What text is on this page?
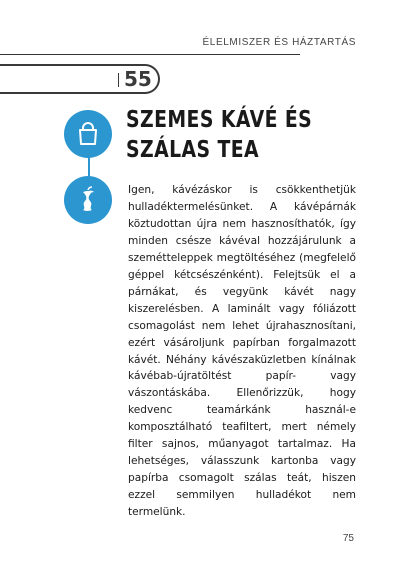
ÉLELMISZER ÉS HÁZTARTÁS
55
SZEMES KÁVÉ ÉS
SZÁLAS TEA
Igen, kávézáskor is csökkenthetjük hulladéktermelésünket. A kávépárnák köztudottan újra nem hasznosíthatók, így minden csésze kávéval hozzájárulunk a szemétteleppek megtöltéséhez (megfelelő géppel kétcsészénként). Felejtsük el a párnákat, és vegyünk kávét nagy kiszerelésben. A laminált vagy fóliázott csomagolást nem lehet újrahasznosítani, ezért vásároljunk papírban forgalmazott kávét. Néhány kávészaküzletben kínálnak kávébab-újratöltést papír- vagy vászontáskába. Ellenőrizzük, hogy kedvenc teamárkánk használ-e komposztálható teafiltert, mert némely filter sajnos, műanyagot tartalmaz. Ha lehetséges, válasszunk kartonba vagy papírba csomagolt szálas teát, hiszen ezzel semmilyen hulladékot nem termelünk.
75
